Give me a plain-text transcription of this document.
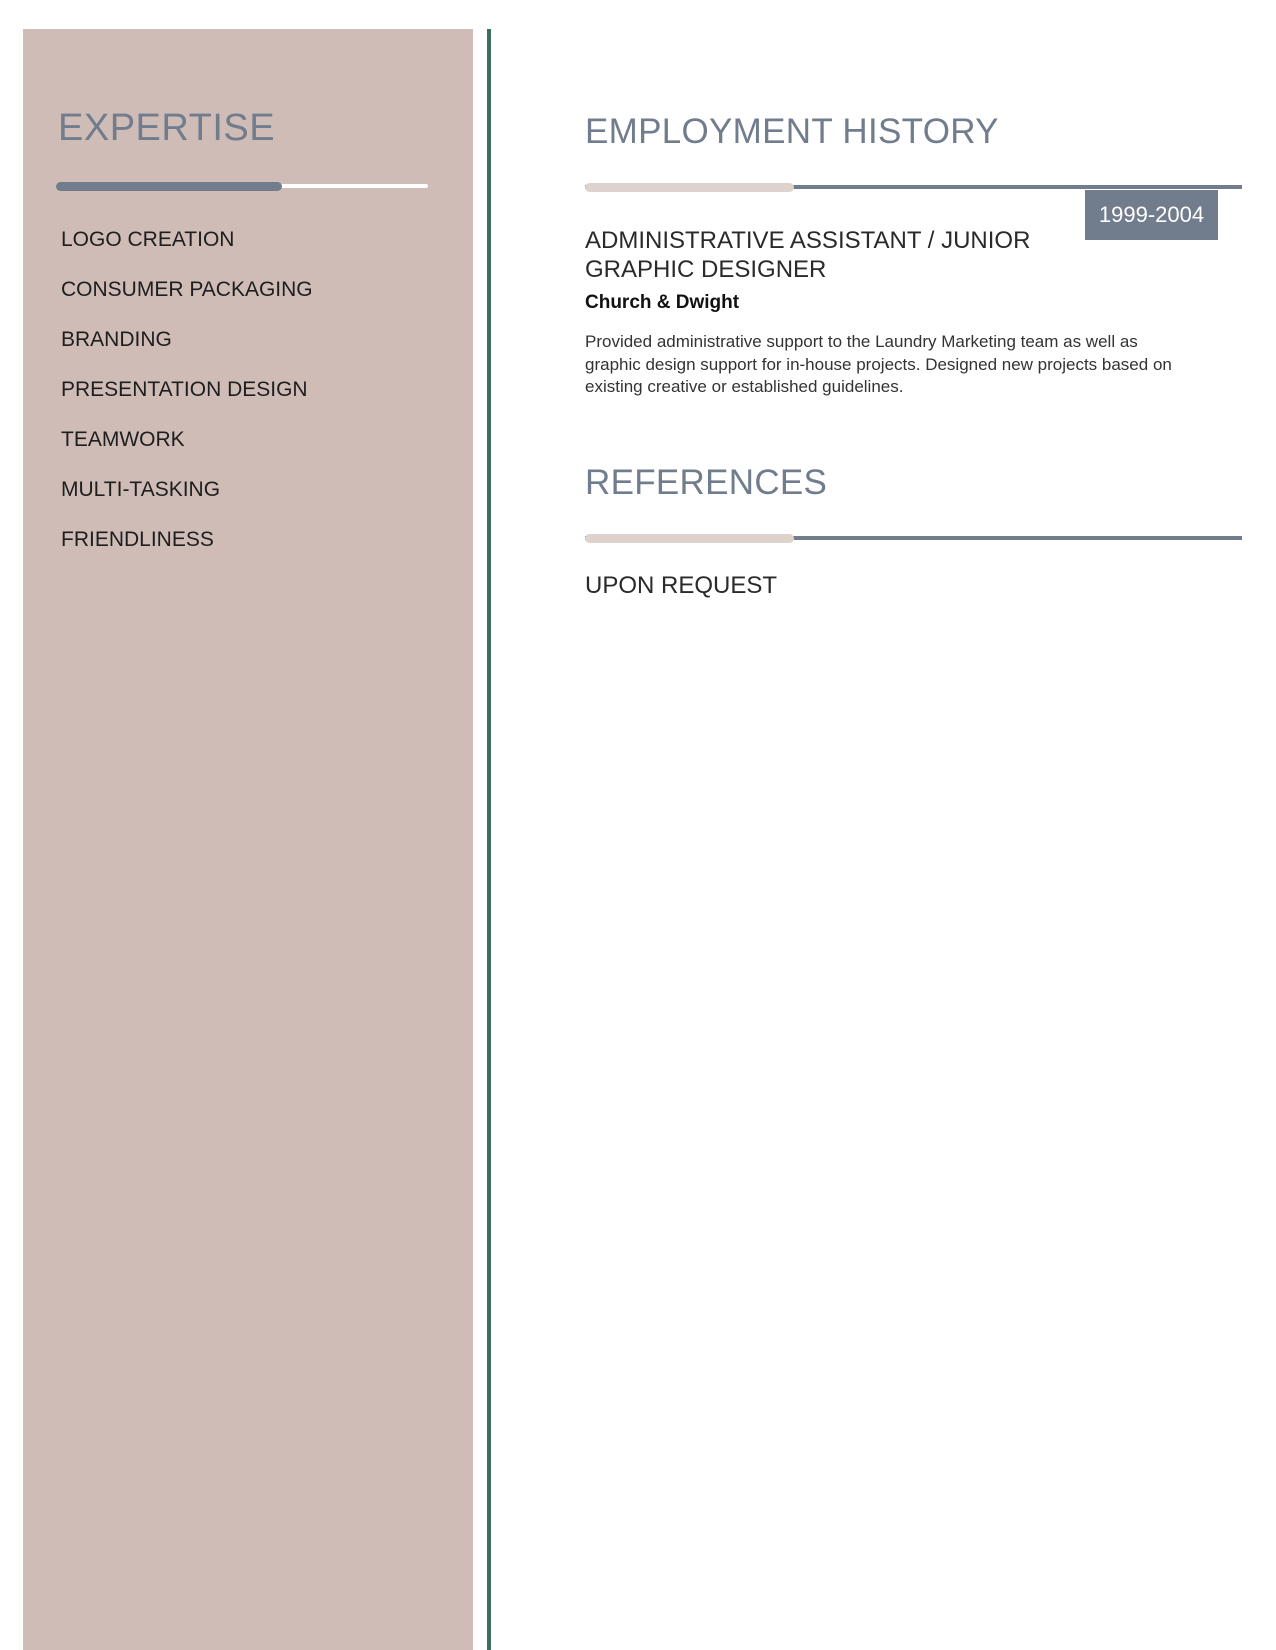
EXPERTISE
LOGO CREATION
CONSUMER PACKAGING
BRANDING
PRESENTATION DESIGN
TEAMWORK
MULTI-TASKING
FRIENDLINESS
EMPLOYMENT HISTORY
1999-2004
ADMINISTRATIVE ASSISTANT / JUNIOR GRAPHIC DESIGNER
Church & Dwight
Provided administrative support to the Laundry Marketing team as well as graphic design support for in-house projects. Designed new projects based on existing creative or established guidelines.
REFERENCES
UPON REQUEST
